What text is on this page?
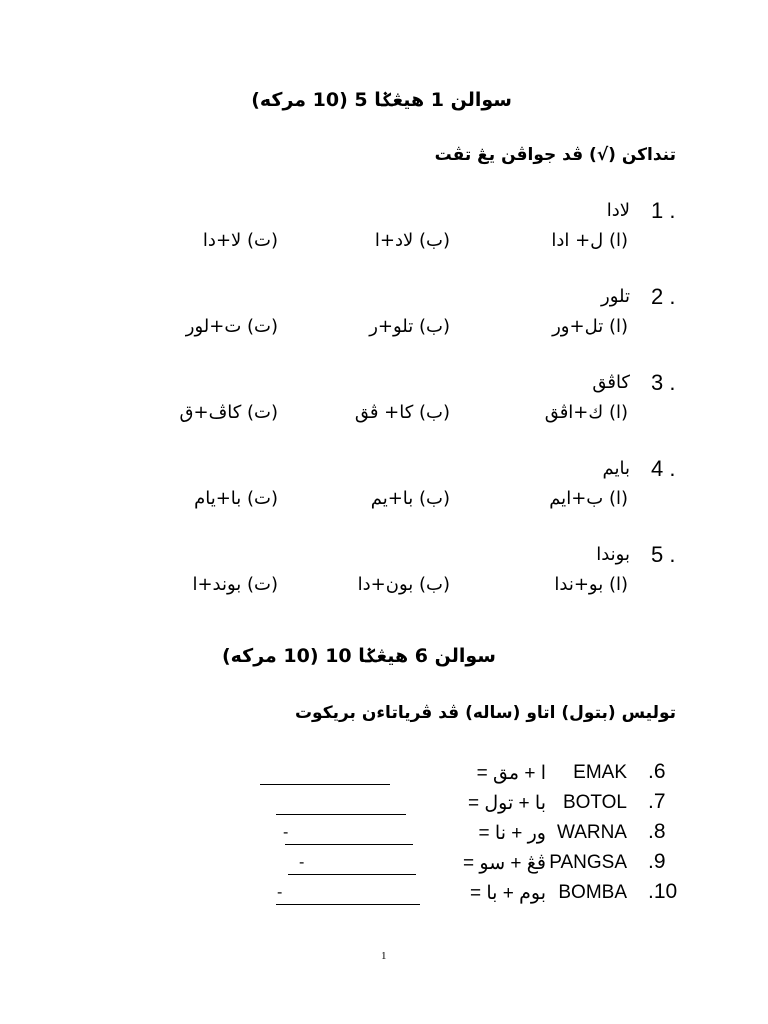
سوالن 1 هيڠݢا 5 (10 مرکه)
تنداکن (√) ڤد جواڤن يڠ تڤت
1 .
لادا
(ا) ل+ ادا
(ب) لاد+ا
(ت) لا+دا
2 .
تلور
(ا) تل+ور
(ب) تلو+ر
(ت) ت+لور
3 .
کاڤق
(ا) ك+اڤق
(ب) کا+ ڤق
(ت) کاڤ+ق
4 .
بايم
(ا) ب+ايم
(ب) با+يم
(ت) با+يام
5 .
بوندا
(ا) بو+ندا
(ب) بون+دا
(ت) بوند+ا
سوالن 6 هيڠݢا 10 (10 مرکه)
توليس (بتول) اتاو (ساله) ڤد ڤرياتاءن بريکوت
.6
EMAK
= ا + مق
.7
BOTOL
= با + تول
.8
WARNA
= ور + نا
-
.9
PANGSA
= ڤڠ + سو
-
.10
BOMBA
= بوم + با
-
1
